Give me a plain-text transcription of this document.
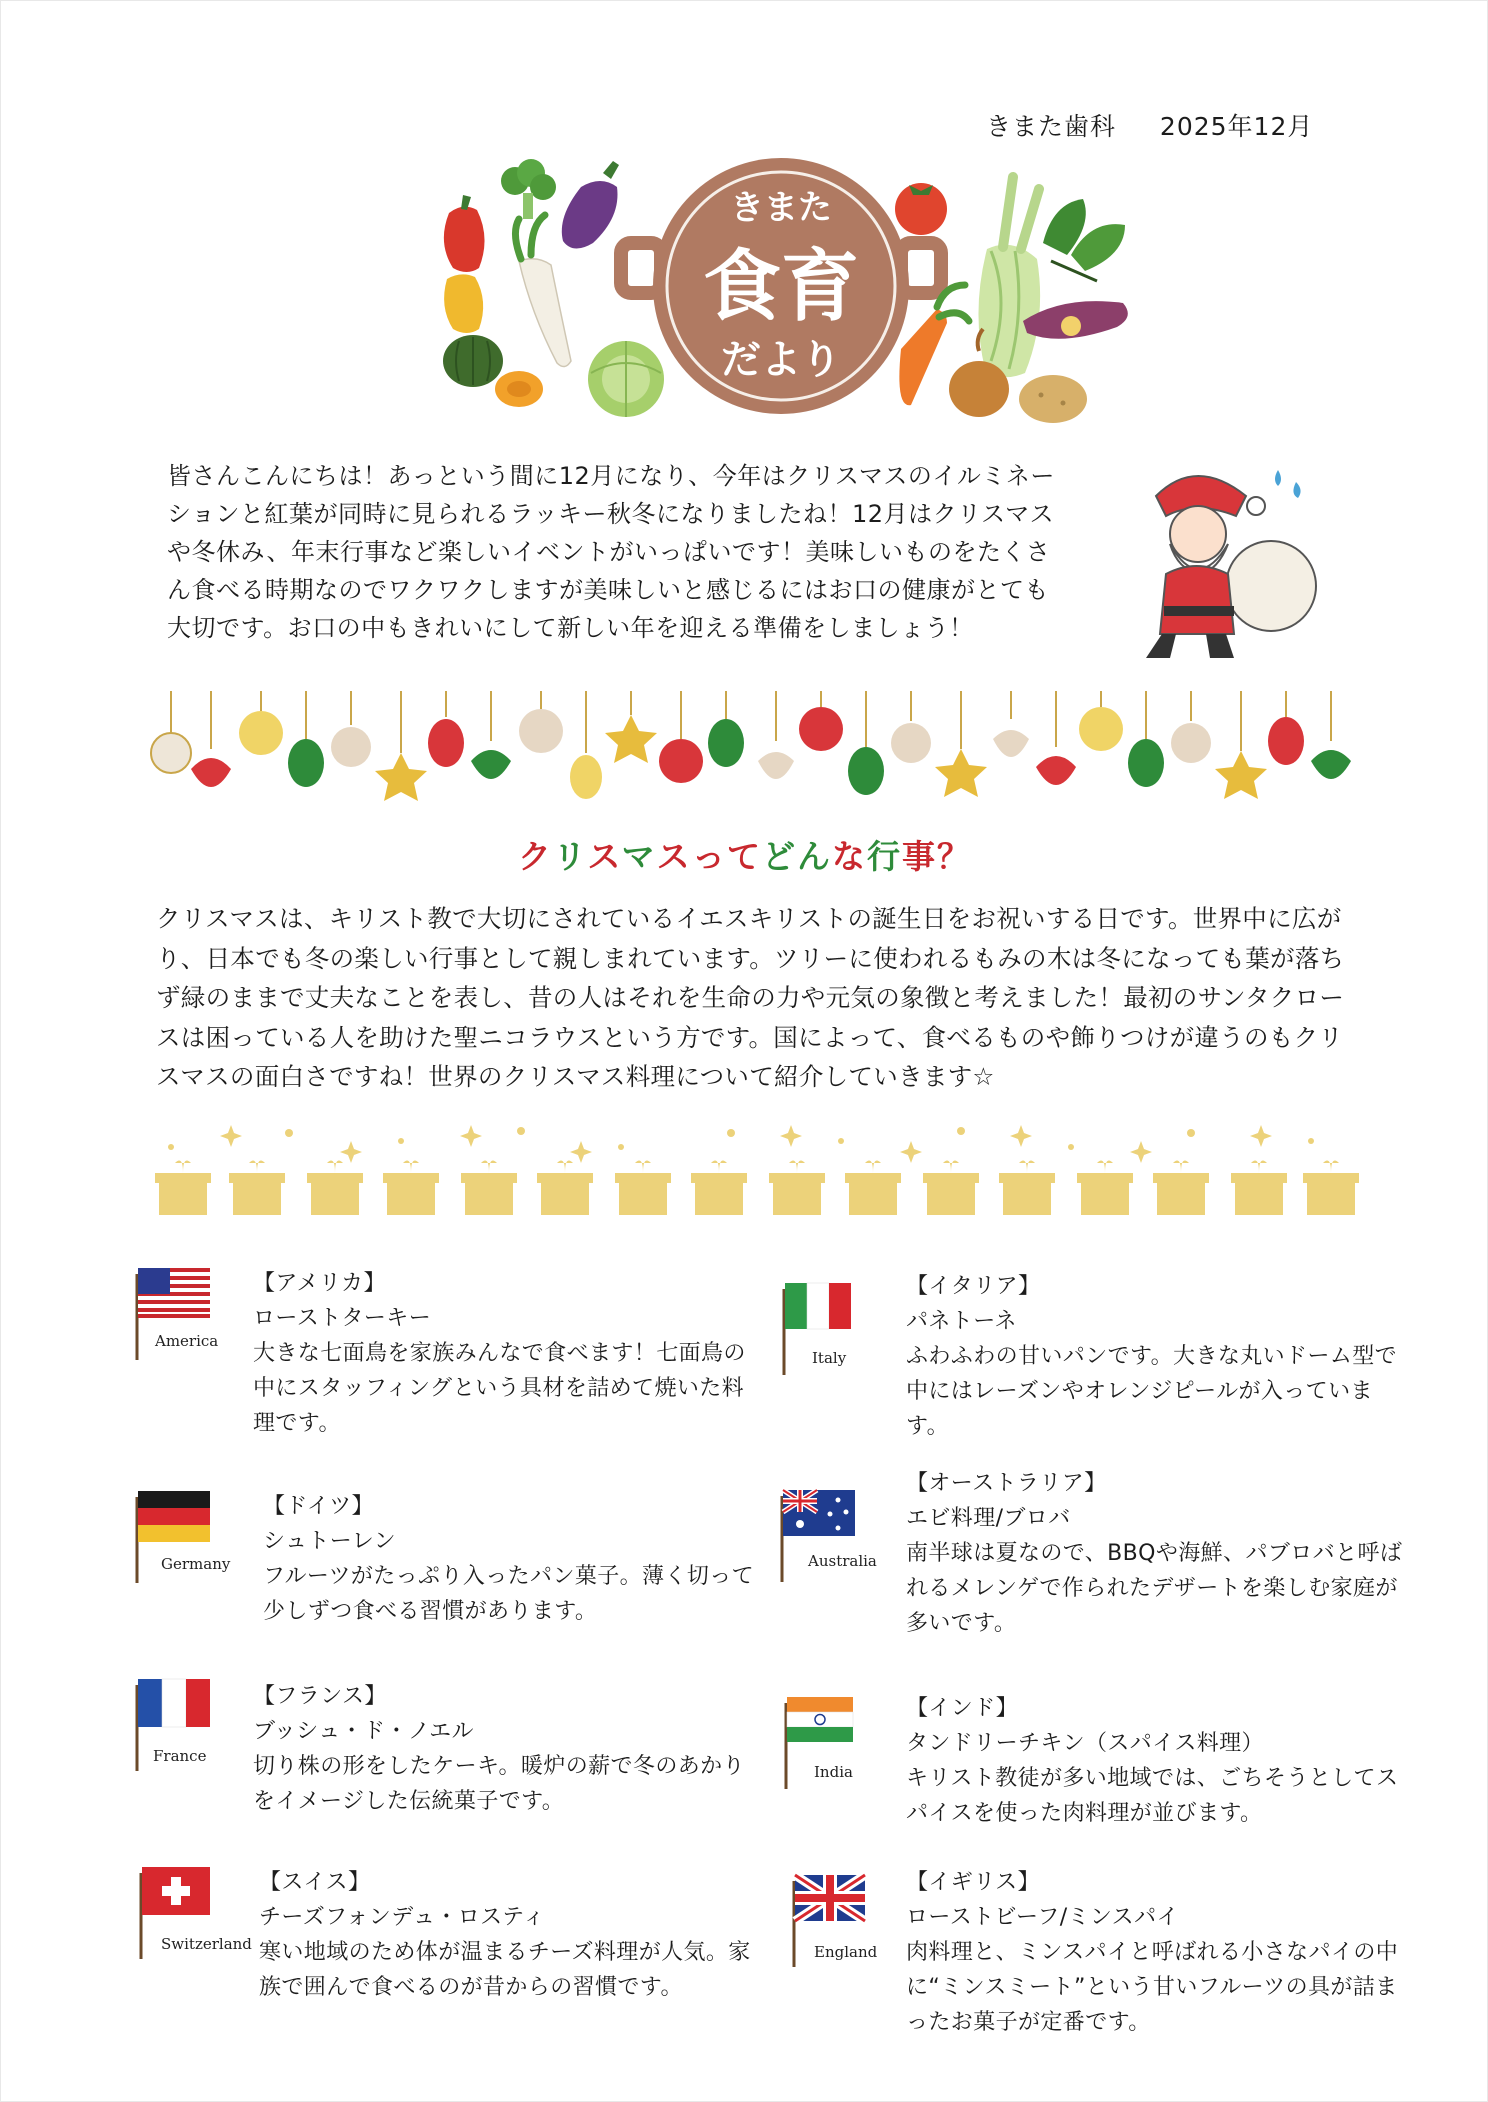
きまた歯科 2025年12月
きまた
食育
だより
皆さんこんにちは！あっという間に12月になり、今年はクリスマスのイルミネーションと紅葉が同時に見られるラッキー秋冬になりましたね！12月はクリスマスや冬休み、年末行事など楽しいイベントがいっぱいです！美味しいものをたくさん食べる時期なのでワクワクしますが美味しいと感じるにはお口の健康がとても大切です。お口の中もきれいにして新しい年を迎える準備をしましょう！
クリスマスってどんな行事？
クリスマスは、キリスト教で大切にされているイエスキリストの誕生日をお祝いする日です。世界中に広がり、日本でも冬の楽しい行事として親しまれています。ツリーに使われるもみの木は冬になっても葉が落ちず緑のままで丈夫なことを表し、昔の人はそれを生命の力や元気の象徴と考えました！最初のサンタクロースは困っている人を助けた聖ニコラウスという方です。国によって、食べるものや飾りつけが違うのもクリスマスの面白さですね！世界のクリスマス料理について紹介していきます☆
America
【アメリカ】
ローストターキー
大きな七面鳥を家族みんなで食べます！七面鳥の中にスタッフィングという具材を詰めて焼いた料理です。
Germany
【ドイツ】
シュトーレン
フルーツがたっぷり入ったパン菓子。薄く切って少しずつ食べる習慣があります。
France
【フランス】
ブッシュ・ド・ノエル
切り株の形をしたケーキ。暖炉の薪で冬のあかりをイメージした伝統菓子です。
Switzerland
【スイス】
チーズフォンデュ・ロスティ
寒い地域のため体が温まるチーズ料理が人気。家族で囲んで食べるのが昔からの習慣です。
Italy
【イタリア】
パネトーネ
ふわふわの甘いパンです。大きな丸いドーム型で中にはレーズンやオレンジピールが入っています。
Australia
【オーストラリア】
エビ料理/ブロバ
南半球は夏なので、BBQや海鮮、パブロバと呼ばれるメレンゲで作られたデザートを楽しむ家庭が多いです。
India
【インド】
タンドリーチキン（スパイス料理）
キリスト教徒が多い地域では、ごちそうとしてスパイスを使った肉料理が並びます。
England
【イギリス】
ローストビーフ/ミンスパイ
肉料理と、ミンスパイと呼ばれる小さなパイの中に“ミンスミート”という甘いフルーツの具が詰まったお菓子が定番です。
